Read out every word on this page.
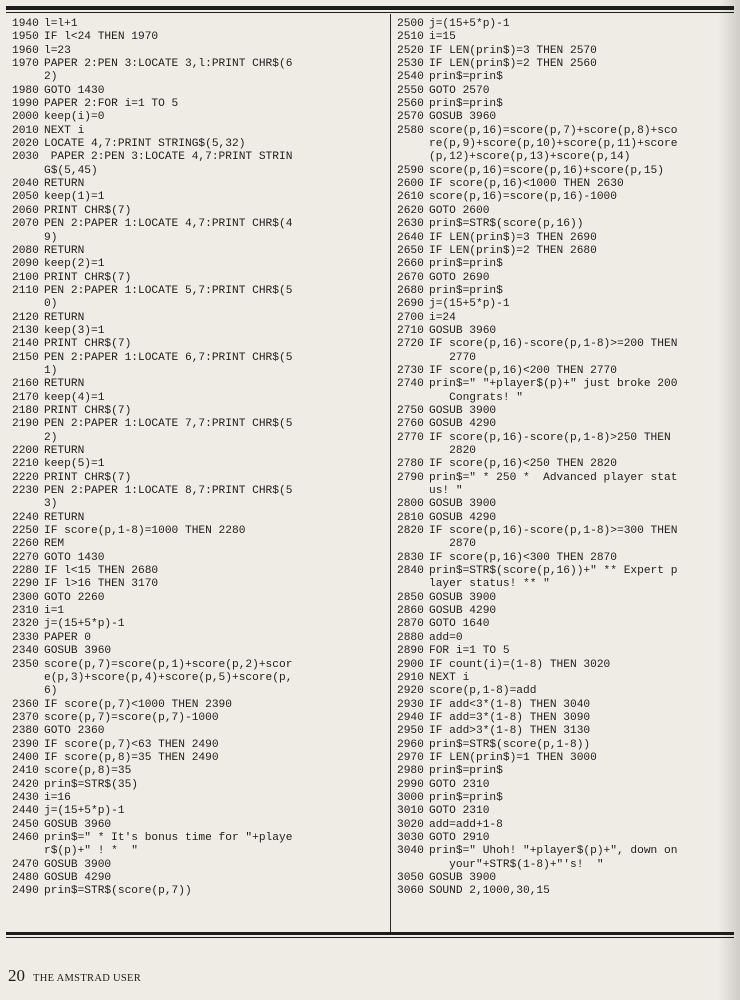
1940 l=l+1
1950 IF l<24 THEN 1970
1960 l=23
1970 PAPER 2:PEN 3:LOCATE 3,l:PRINT CHR$(6
2)
1980 GOTO 1430
1990 PAPER 2:FOR i=1 TO 5
2000 keep(i)=0
2010 NEXT i
2020 LOCATE 4,7:PRINT STRING$(5,32)
2030 PAPER 2:PEN 3:LOCATE 4,7:PRINT STRIN
G$(5,45)
2040 RETURN
2050 keep(1)=1
2060 PRINT CHR$(7)
2070 PEN 2:PAPER 1:LOCATE 4,7:PRINT CHR$(4
9)
2080 RETURN
2090 keep(2)=1
2100 PRINT CHR$(7)
2110 PEN 2:PAPER 1:LOCATE 5,7:PRINT CHR$(5
0)
2120 RETURN
2130 keep(3)=1
2140 PRINT CHR$(7)
2150 PEN 2:PAPER 1:LOCATE 6,7:PRINT CHR$(5
1)
2160 RETURN
2170 keep(4)=1
2180 PRINT CHR$(7)
2190 PEN 2:PAPER 1:LOCATE 7,7:PRINT CHR$(5
2)
2200 RETURN
2210 keep(5)=1
2220 PRINT CHR$(7)
2230 PEN 2:PAPER 1:LOCATE 8,7:PRINT CHR$(5
3)
2240 RETURN
2250 IF score(p,1-8)=1000 THEN 2280
2260 REM
2270 GOTO 1430
2280 IF l<15 THEN 2680
2290 IF l>16 THEN 3170
2300 GOTO 2260
2310 i=1
2320 j=(15+5*p)-1
2330 PAPER 0
2340 GOSUB 3960
2350 score(p,7)=score(p,1)+score(p,2)+scor
e(p,3)+score(p,4)+score(p,5)+score(p,
6)
2360 IF score(p,7)<1000 THEN 2390
2370 score(p,7)=score(p,7)-1000
2380 GOTO 2360
2390 IF score(p,7)<63 THEN 2490
2400 IF score(p,8)=35 THEN 2490
2410 score(p,8)=35
2420 prin$=STR$(35)
2430 i=16
2440 j=(15+5*p)-1
2450 GOSUB 3960
2460 prin$=" * It's bonus time for "+playe
r$(p)+" ! *  "
2470 GOSUB 3900
2480 GOSUB 4290
2490 prin$=STR$(score(p,7))
2500 j=(15+5*p)-1
2510 i=15
2520 IF LEN(prin$)=3 THEN 2570
2530 IF LEN(prin$)=2 THEN 2560
2540 prin$=prin$
2550 GOTO 2570
2560 prin$=prin$
2570 GOSUB 3960
2580 score(p,16)=score(p,7)+score(p,8)+sco
re(p,9)+score(p,10)+score(p,11)+score
(p,12)+score(p,13)+score(p,14)
2590 score(p,16)=score(p,16)+score(p,15)
2600 IF score(p,16)<1000 THEN 2630
2610 score(p,16)=score(p,16)-1000
2620 GOTO 2600
2630 prin$=STR$(score(p,16))
2640 IF LEN(prin$)=3 THEN 2690
2650 IF LEN(prin$)=2 THEN 2680
2660 prin$=prin$
2670 GOTO 2690
2680 prin$=prin$
2690 j=(15+5*p)-1
2700 i=24
2710 GOSUB 3960
2720 IF score(p,16)-score(p,1-8)>=200 THEN
2770
2730 IF score(p,16)<200 THEN 2770
2740 prin$=" "+player$(p)+" just broke 200
Congrats! "
2750 GOSUB 3900
2760 GOSUB 4290
2770 IF score(p,16)-score(p,1-8)>250 THEN
2820
2780 IF score(p,16)<250 THEN 2820
2790 prin$=" * 250 *  Advanced player stat
us! "
2800 GOSUB 3900
2810 GOSUB 4290
2820 IF score(p,16)-score(p,1-8)>=300 THEN
2870
2830 IF score(p,16)<300 THEN 2870
2840 prin$=STR$(score(p,16))+" ** Expert p
layer status! ** "
2850 GOSUB 3900
2860 GOSUB 4290
2870 GOTO 1640
2880 add=0
2890 FOR i=1 TO 5
2900 IF count(i)=(1-8) THEN 3020
2910 NEXT i
2920 score(p,1-8)=add
2930 IF add<3*(1-8) THEN 3040
2940 IF add=3*(1-8) THEN 3090
2950 IF add>3*(1-8) THEN 3130
2960 prin$=STR$(score(p,1-8))
2970 IF LEN(prin$)=1 THEN 3000
2980 prin$=prin$
2990 GOTO 2310
3000 prin$=prin$
3010 GOTO 2310
3020 add=add+1-8
3030 GOTO 2910
3040 prin$=" Uhoh! "+player$(p)+", down on
your"+STR$(1-8)+"'s!  "
3050 GOSUB 3900
3060 SOUND 2,1000,30,15
20 THE AMSTRAD USER
